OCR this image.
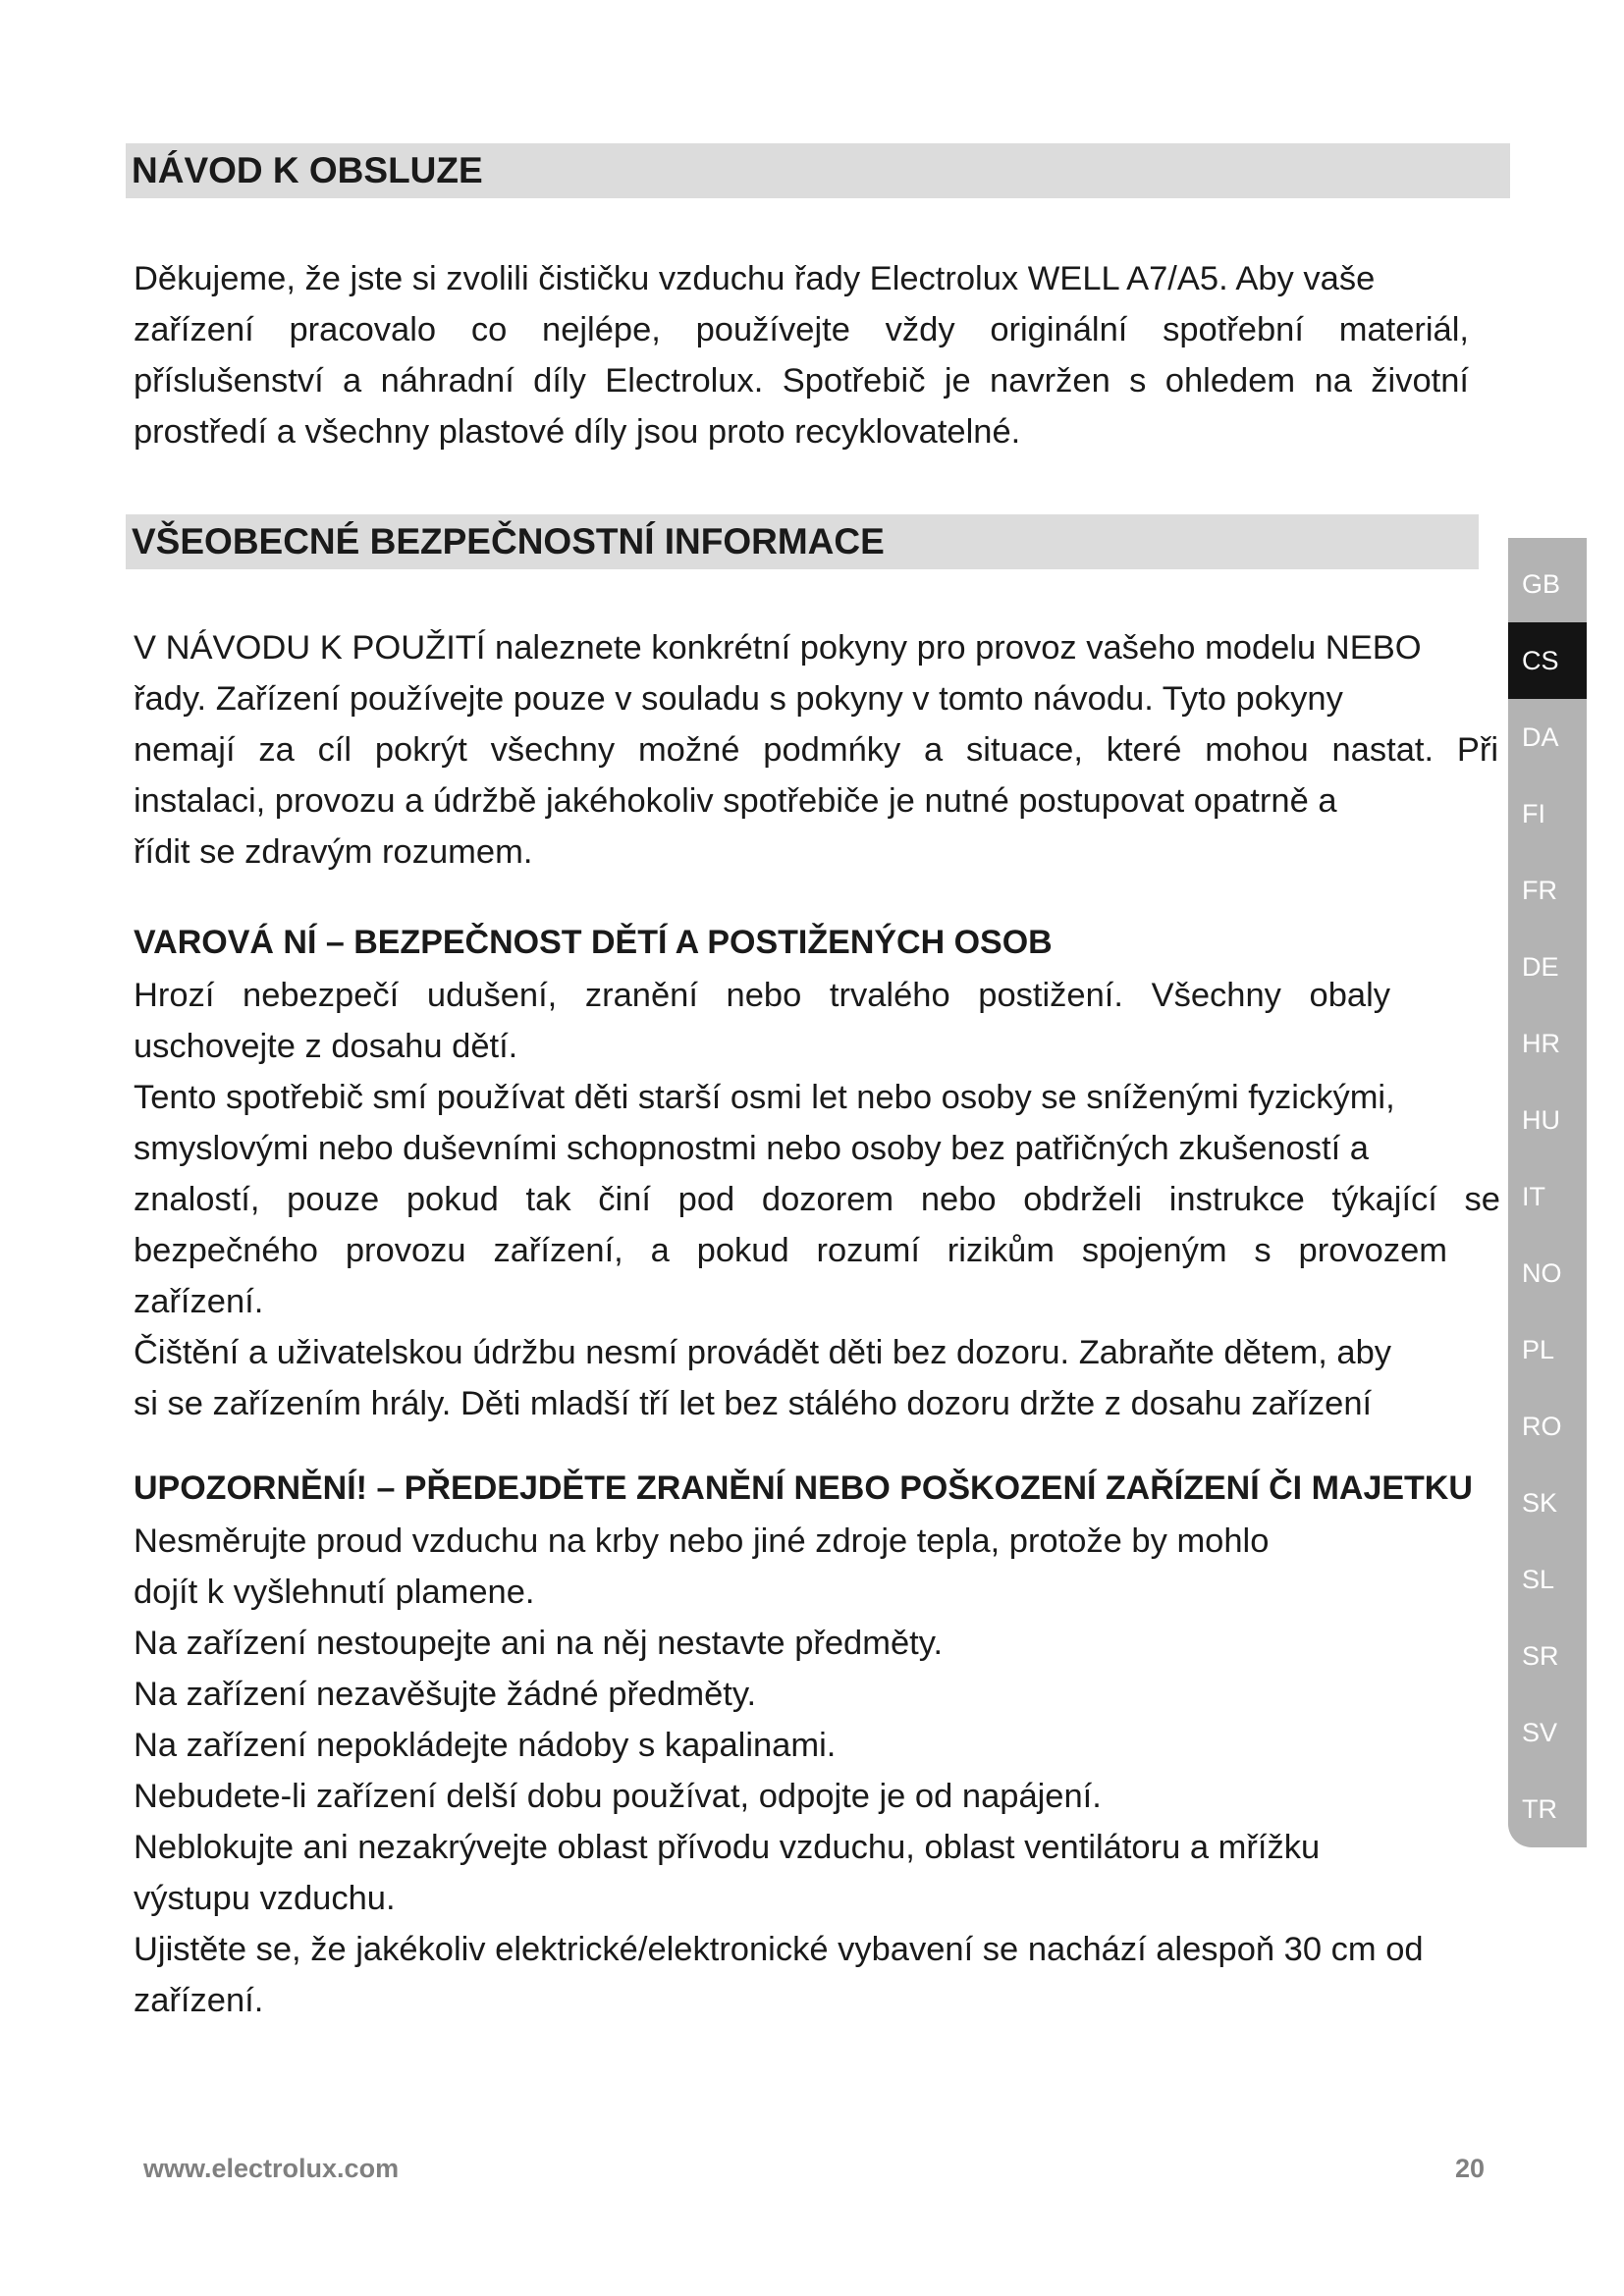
NÁVOD K OBSLUZE
Děkujeme, že jste si zvolili čističku vzduchu řady Electrolux WELL A7/A5. Aby vaše
zařízení pracovalo co nejlépe, používejte vždy originální spotřební materiál,
příslušenství a náhradní díly Electrolux. Spotřebič je navržen s ohledem na životní
prostředí a všechny plastové díly jsou proto recyklovatelné.
VŠEOBECNÉ BEZPEČNOSTNÍ INFORMACE
V NÁVODU K POUŽITÍ naleznete konkrétní pokyny pro provoz vašeho modelu NEBO
řady. Zařízení používejte pouze v souladu s pokyny v tomto návodu. Tyto pokyny
nemají za cíl pokrýt všechny možné podmńky a situace, které mohou nastat. Při
instalaci, provozu a údržbě jakéhokoliv spotřebiče je nutné postupovat opatrně a
řídit se zdravým rozumem.
VAROVÁ NÍ – BEZPEČNOST DĚTÍ A POSTIŽENÝCH OSOB
Hrozí nebezpečí udušení, zranění nebo trvalého postižení. Všechny obaly
uschovejte z dosahu dětí.
Tento spotřebič smí používat děti starší osmi let nebo osoby se sníženými fyzickými,
smyslovými nebo duševními schopnostmi nebo osoby bez patřičných zkušeností a
znalostí, pouze pokud tak činí pod dozorem nebo obdrželi instrukce týkající se
bezpečného provozu zařízení, a pokud rozumí rizikům spojeným s provozem
zařízení.
Čištění a uživatelskou údržbu nesmí provádět děti bez dozoru. Zabraňte dětem, aby
si se zařízením hrály. Děti mladší tří let bez stálého dozoru držte z dosahu zařízení
UPOZORNĚNÍ! – PŘEDEJDĚTE ZRANĚNÍ NEBO POŠKOZENÍ ZAŘÍZENÍ ČI MAJETKU
Nesměrujte proud vzduchu na krby nebo jiné zdroje tepla, protože by mohlo
dojít k vyšlehnutí plamene.
Na zařízení nestoupejte ani na něj nestavte předměty.
Na zařízení nezavěšujte žádné předměty.
Na zařízení nepokládejte nádoby s kapalinami.
Nebudete-li zařízení delší dobu používat, odpojte je od napájení.
Neblokujte ani nezakrývejte oblast přívodu vzduchu, oblast ventilátoru a mřížku
výstupu vzduchu.
Ujistěte se, že jakékoliv elektrické/elektronické vybavení se nachází alespoň 30 cm od
zařízení.
GB
CS
DA
FI
FR
DE
HR
HU
IT
NO
PL
RO
SK
SL
SR
SV
TR
www.electrolux.com	20
